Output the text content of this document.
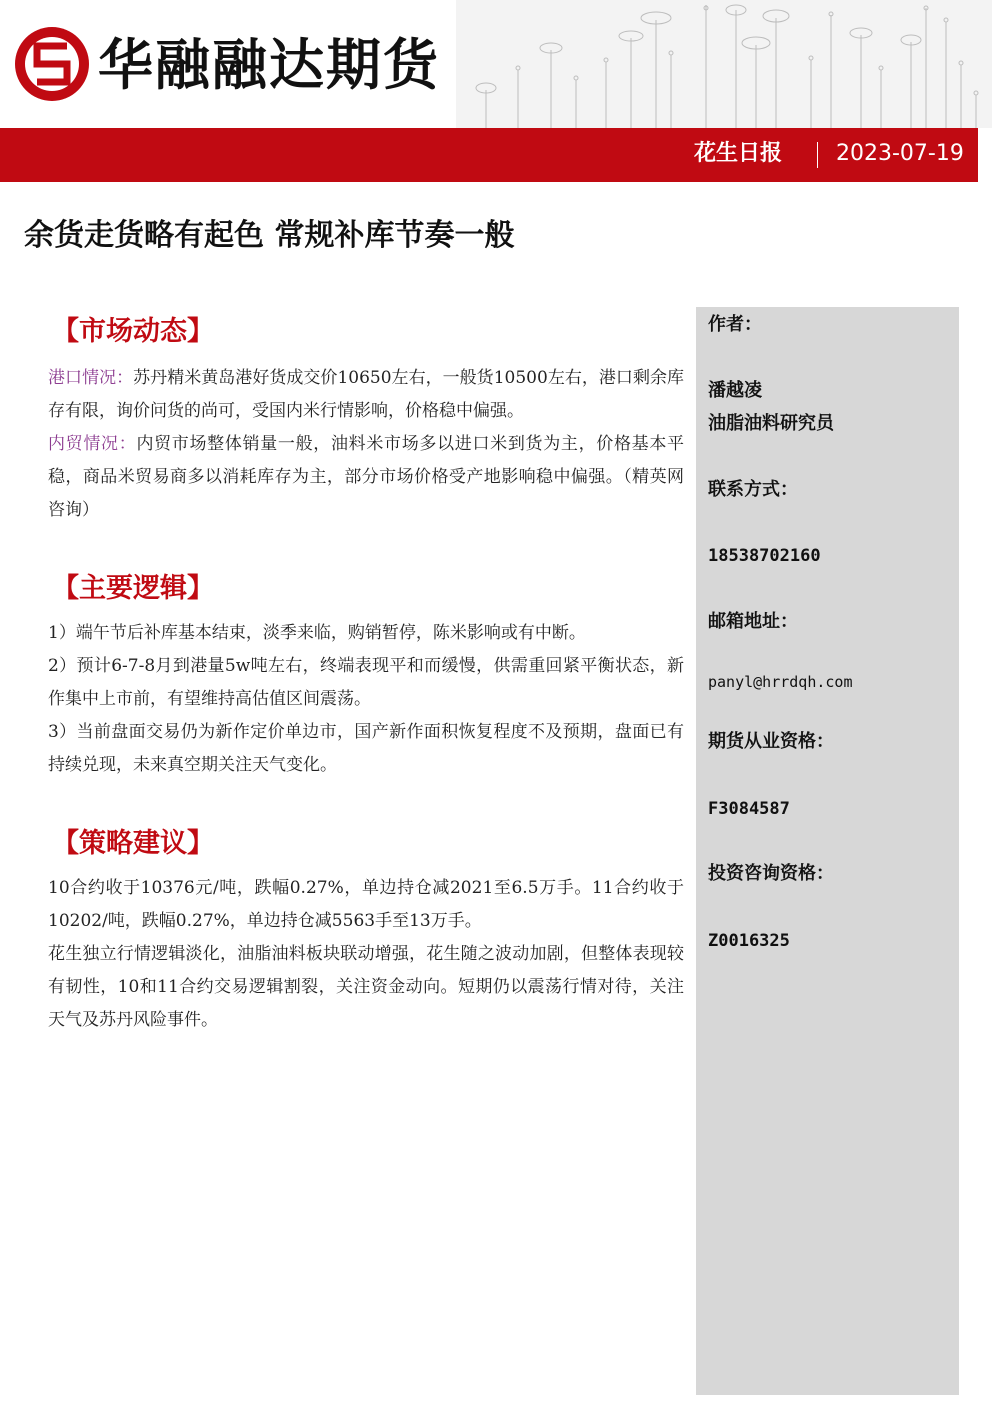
华融融达期货
花生日报 2023-07-19
余货走货略有起色 常规补库节奏一般
【市场动态】

港口情况：苏丹精米黄岛港好货成交价10650左右，一般货10500左右，港口剩余库存有限，询价问货的尚可，受国内米行情影响，价格稳中偏强。

内贸情况：内贸市场整体销量一般，油料米市场多以进口米到货为主，价格基本平稳，商品米贸易商多以消耗库存为主，部分市场价格受产地影响稳中偏强。（精英网咨询）

【主要逻辑】

1）端午节后补库基本结束，淡季来临，购销暂停，陈米影响或有中断。

2）预计6-7-8月到港量5w吨左右，终端表现平和而缓慢，供需重回紧平衡状态，新作集中上市前，有望维持高估值区间震荡。

3）当前盘面交易仍为新作定价单边市，国产新作面积恢复程度不及预期，盘面已有持续兑现，未来真空期关注天气变化。

【策略建议】

10合约收于10376元/吨，跌幅0.27%，单边持仓减2021至6.5万手。11合约收于10202/吨，跌幅0.27%，单边持仓减5563手至13万手。

花生独立行情逻辑淡化，油脂油料板块联动增强，花生随之波动加剧，但整体表现较有韧性，10和11合约交易逻辑割裂，关注资金动向。短期仍以震荡行情对待，关注天气及苏丹风险事件。

作者：
潘越凌
油脂油料研究员
联系方式：
18538702160
邮箱地址：
panyl@hrrdqh.com
期货从业资格：
F3084587
投资咨询资格：
Z0016325
